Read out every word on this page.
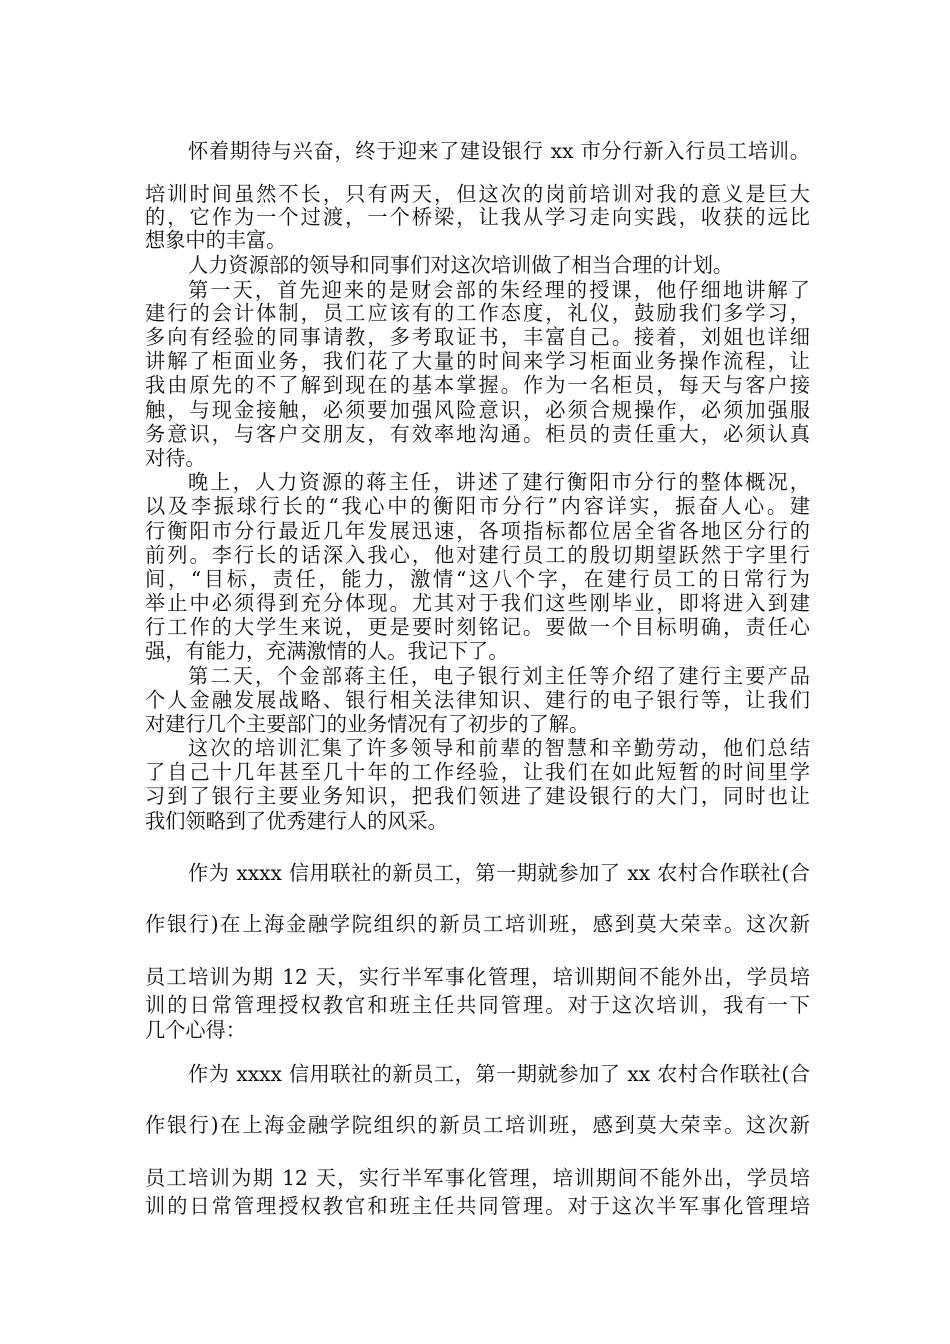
怀着期待与兴奋，终于迎来了建设银行 xx 市分行新入行员工培训。
培训时间虽然不长，只有两天，但这次的岗前培训对我的意义是巨大
的，它作为一个过渡，一个桥梁，让我从学习走向实践，收获的远比
想象中的丰富。
人力资源部的领导和同事们对这次培训做了相当合理的计划。
第一天，首先迎来的是财会部的朱经理的授课，他仔细地讲解了
建行的会计体制，员工应该有的工作态度，礼仪，鼓励我们多学习，
多向有经验的同事请教，多考取证书，丰富自己。接着，刘姐也详细
讲解了柜面业务，我们花了大量的时间来学习柜面业务操作流程，让
我由原先的不了解到现在的基本掌握。作为一名柜员，每天与客户接
触，与现金接触，必须要加强风险意识，必须合规操作，必须加强服
务意识，与客户交朋友，有效率地沟通。柜员的责任重大，必须认真
对待。
晚上，人力资源的蒋主任，讲述了建行衡阳市分行的整体概况，
以及李振球行长的“我心中的衡阳市分行”内容详实，振奋人心。建
行衡阳市分行最近几年发展迅速，各项指标都位居全省各地区分行的
前列。李行长的话深入我心，他对建行员工的殷切期望跃然于字里行
间，“目标，责任，能力，激情“这八个字，在建行员工的日常行为
举止中必须得到充分体现。尤其对于我们这些刚毕业，即将进入到建
行工作的大学生来说，更是要时刻铭记。要做一个目标明确，责任心
强，有能力，充满激情的人。我记下了。
第二天，个金部蒋主任，电子银行刘主任等介绍了建行主要产品
个人金融发展战略、银行相关法律知识、建行的电子银行等，让我们
对建行几个主要部门的业务情况有了初步的了解。
这次的培训汇集了许多领导和前辈的智慧和辛勤劳动，他们总结
了自己十几年甚至几十年的工作经验，让我们在如此短暂的时间里学
习到了银行主要业务知识，把我们领进了建设银行的大门，同时也让
我们领略到了优秀建行人的风采。
作为 xxxx 信用联社的新员工，第一期就参加了 xx 农村合作联社(合
作银行)在上海金融学院组织的新员工培训班，感到莫大荣幸。这次新
员工培训为期 12 天，实行半军事化管理，培训期间不能外出，学员培
训的日常管理授权教官和班主任共同管理。对于这次培训，我有一下
几个心得：
作为 xxxx 信用联社的新员工，第一期就参加了 xx 农村合作联社(合
作银行)在上海金融学院组织的新员工培训班，感到莫大荣幸。这次新
员工培训为期 12 天，实行半军事化管理，培训期间不能外出，学员培
训的日常管理授权教官和班主任共同管理。对于这次半军事化管理培
